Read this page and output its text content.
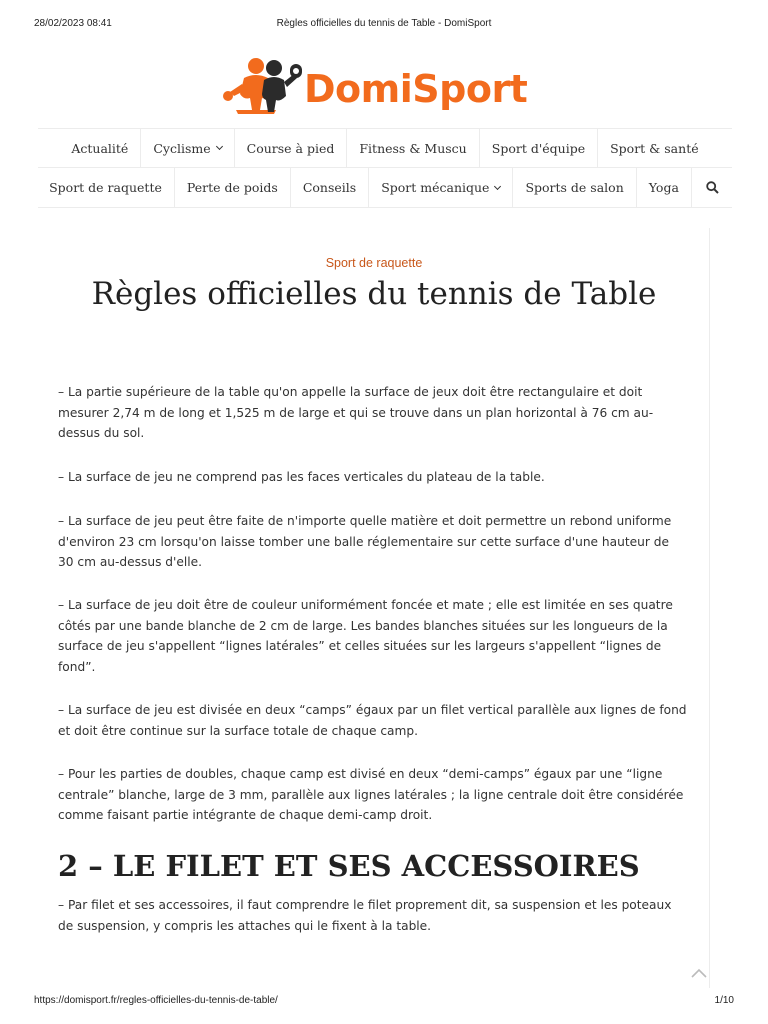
28/02/2023 08:41	Règles officielles du tennis de Table - DomiSport
DomiSport
Actualité Cyclisme	Course à pied Fitness & Muscu Sport d'équipe Sport & santé
Sport de raquette Perte de poids Conseils Sport mécanique	Sports de salon Yoga
Sport de raquette
Règles officielles du tennis de Table

– La partie supérieure de la table qu'on appelle la surface de jeux doit être rectangulaire et doit mesurer 2,74 m de long et 1,525 m de large et qui se trouve dans un plan horizontal à 76 cm au-dessus du sol.

– La surface de jeu ne comprend pas les faces verticales du plateau de la table.

– La surface de jeu peut être faite de n'importe quelle matière et doit permettre un rebond uniforme d'environ 23 cm lorsqu'on laisse tomber une balle réglementaire sur cette surface d'une hauteur de 30 cm au-dessus d'elle.

– La surface de jeu doit être de couleur uniformément foncée et mate ; elle est limitée en ses quatre côtés par une bande blanche de 2 cm de large. Les bandes blanches situées sur les longueurs de la surface de jeu s'appellent “lignes latérales” et celles situées sur les largeurs s'appellent “lignes de fond”.

– La surface de jeu est divisée en deux “camps” égaux par un filet vertical parallèle aux lignes de fond et doit être continue sur la surface totale de chaque camp.

– Pour les parties de doubles, chaque camp est divisé en deux “demi-camps” égaux par une “ligne centrale” blanche, large de 3 mm, parallèle aux lignes latérales ; la ligne centrale doit être considérée comme faisant partie intégrante de chaque demi-camp droit.

2 – LE FILET ET SES ACCESSOIRES

– Par filet et ses accessoires, il faut comprendre le filet proprement dit, sa suspension et les poteaux de suspension, y compris les attaches qui le fixent à la table.

https://domisport.fr/regles-officielles-du-tennis-de-table/	1/10
